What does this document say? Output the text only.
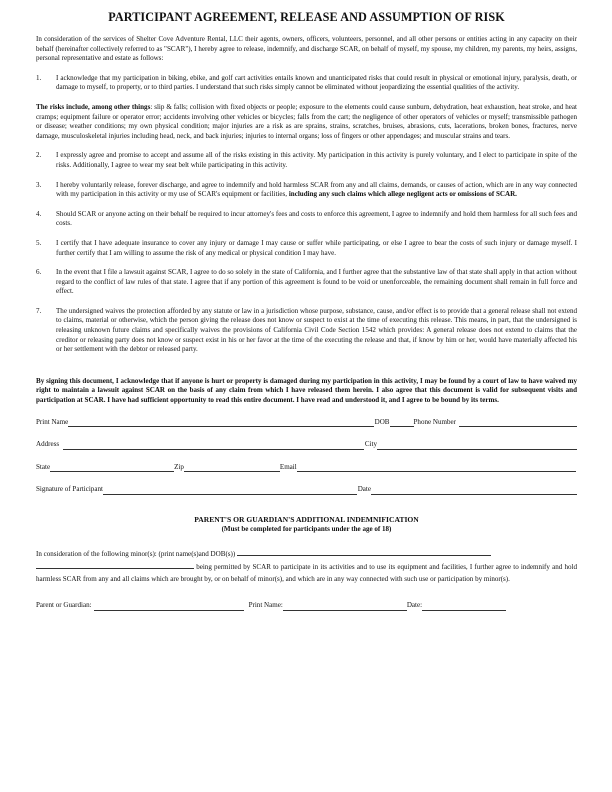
PARTICIPANT AGREEMENT, RELEASE AND ASSUMPTION OF RISK

In consideration of the services of Shelter Cove Adventure Rental, LLC their agents, owners, officers, volunteers, personnel, and all other persons or entities acting in any capacity on their behalf (hereinafter collectively referred to as "SCAR"), I hereby agree to release, indemnify, and discharge SCAR, on behalf of myself, my spouse, my children, my parents, my heirs, assigns, personal representative and estate as follows:

1.	I acknowledge that my participation in biking, ebike, and golf cart activities entails known and unanticipated risks that could result in physical or emotional injury, paralysis, death, or damage to myself, to property, or to third parties. I understand that such risks simply cannot be eliminated without jeopardizing the essential qualities of the activity.

The risks include, among other things: slip & falls; collision with fixed objects or people; exposure to the elements could cause sunburn, dehydration, heat exhaustion, heat stroke, and heat cramps; equipment failure or operator error; accidents involving other vehicles or bicycles; falls from the cart; the negligence of other operators of vehicles or myself; transmissible pathogen or disease; weather conditions; my own physical condition; major injuries are a risk as are sprains, strains, scratches, bruises, abrasions, cuts, lacerations, broken bones, fractures, nerve damage, musculoskeletal injuries including head, neck, and back injuries; injuries to internal organs; loss of fingers or other appendages; and muscular strains and tears.

2.	I expressly agree and promise to accept and assume all of the risks existing in this activity. My participation in this activity is purely voluntary, and I elect to participate in spite of the risks. Additionally, I agree to wear my seat belt while participating in this activity.
3.	I hereby voluntarily release, forever discharge, and agree to indemnify and hold harmless SCAR from any and all claims, demands, or causes of action, which are in any way connected with my participation in this activity or my use of SCAR's equipment or facilities, including any such claims which allege negligent acts or omissions of SCAR.
4.	Should SCAR or anyone acting on their behalf be required to incur attorney's fees and costs to enforce this agreement, I agree to indemnify and hold them harmless for all such fees and costs.
5.	I certify that I have adequate insurance to cover any injury or damage I may cause or suffer while participating, or else I agree to bear the costs of such injury or damage myself. I further certify that I am willing to assume the risk of any medical or physical condition I may have.
6.	In the event that I file a lawsuit against SCAR, I agree to do so solely in the state of California, and I further agree that the substantive law of that state shall apply in that action without regard to the conflict of law rules of that state. I agree that if any portion of this agreement is found to be void or unenforceable, the remaining document shall remain in full force and effect.
7.	The undersigned waives the protection afforded by any statute or law in a jurisdiction whose purpose, substance, cause, and/or effect is to provide that a general release shall not extend to claims, material or otherwise, which the person giving the release does not know or suspect to exist at the time of executing this release. This means, in part, that the undersigned is releasing unknown future claims and specifically waives the provisions of California Civil Code Section 1542 which provides: A general release does not extend to claims that the creditor or releasing party does not know or suspect exist in his or her favor at the time of the executing the release and that, if know by him or her, would have materially affected his or her settlement with the debtor or released party.

By signing this document, I acknowledge that if anyone is hurt or property is damaged during my participation in this activity, I may be found by a court of law to have waived my right to maintain a lawsuit against SCAR on the basis of any claim from which I have released them herein. I also agree that this document is valid for subsequent visits and participation at SCAR. I have had sufficient opportunity to read this entire document. I have read and understood it, and I agree to be bound by its terms.

Print Name	DOB	Phone Number
Address	City
State	Zip	Email
Signature of Participant	Date
PARENT'S OR GUARDIAN'S ADDITIONAL INDEMNIFICATION
(Must be completed for participants under the age of 18)

In consideration of the following minor(s): (print name(s)and DOB(s))
being permitted by SCAR to participate in its activities and to use its equipment and facilities, I further agree to indemnify and hold harmless SCAR from any and all claims which are brought by, or on behalf of minor(s), and which are in any way connected with such use or participation by minor(s).

Parent or Guardian:	Print Name:	Date:
